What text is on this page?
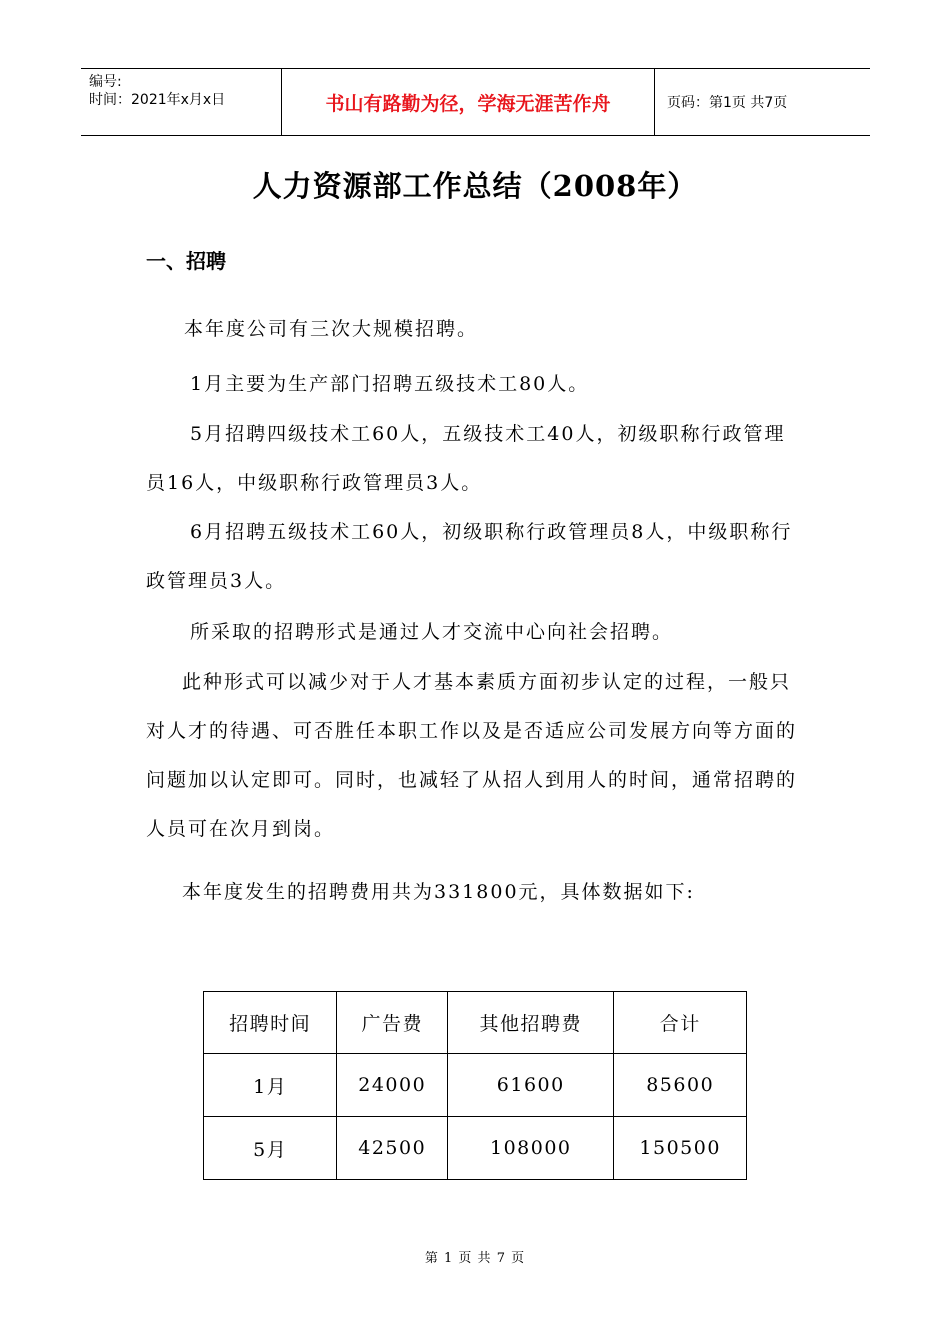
编号:
时间：2021年x月x日	书山有路勤为径，学海无涯苦作舟	页码：第1页 共7页
人力资源部工作总结（2008年）
一、招聘

本年度公司有三次大规模招聘。

1月主要为生产部门招聘五级技术工80人。

5月招聘四级技术工60人，五级技术工40人，初级职称行政管理员16人，中级职称行政管理员3人。

6月招聘五级技术工60人，初级职称行政管理员8人，中级职称行政管理员3人。

所采取的招聘形式是通过人才交流中心向社会招聘。

此种形式可以减少对于人才基本素质方面初步认定的过程，一般只对人才的待遇、可否胜任本职工作以及是否适应公司发展方向等方面的问题加以认定即可。同时，也减轻了从招人到用人的时间，通常招聘的人员可在次月到岗。

本年度发生的招聘费用共为331800元，具体数据如下:

招聘时间	广告费	其他招聘费	合计
1月	24000	61600	85600
5月	42500	108000	150500
第 1 页 共 7 页
